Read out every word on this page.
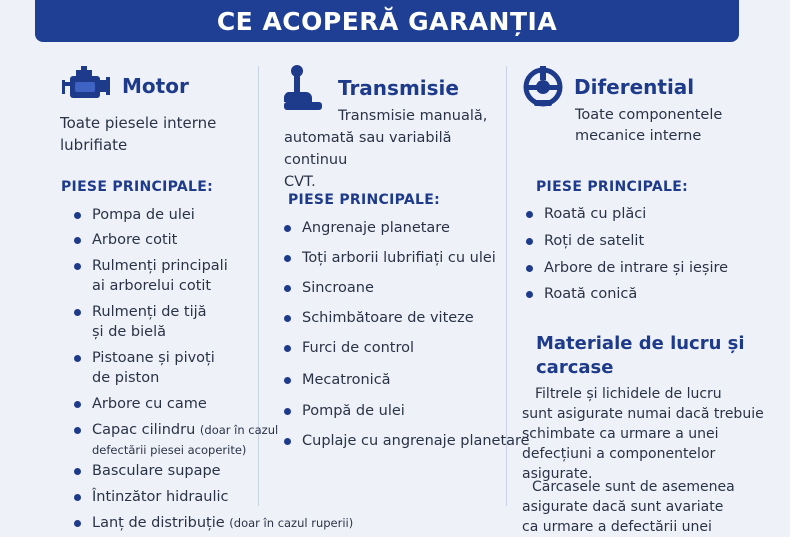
CE ACOPERĂ GARANȚIA
Motor
Toate piesele interne
lubrifiate
PIESE PRINCIPALE:
Pompa de ulei
Arbore cotit
Rulmenți principali
ai arborelui cotit
Rulmenți de tijă
și de bielă
Pistoane și pivoți
de piston
Arbore cu came
Capac cilindru (doar în cazul
defectării piesei acoperite)
Basculare supape
Întinzător hidraulic
Lanț de distribuție (doar în cazul ruperii)
Transmisie
Transmisie manuală,
automată sau variabilă continuu
CVT.
PIESE PRINCIPALE:
Angrenaje planetare
Toți arborii lubrifiați cu ulei
Sincroane
Schimbătoare de viteze
Furci de control
Mecatronică
Pompă de ulei
Cuplaje cu angrenaje planetare
Diferential
Toate componentele
mecanice interne
PIESE PRINCIPALE:
Roată cu plăci
Roți de satelit
Arbore de intrare și ieșire
Roată conică
Materiale de lucru și
carcase
Filtrele și lichidele de lucru
sunt asigurate numai dacă trebuie
schimbate ca urmare a unei
defecțiuni a componentelor asigurate.
Carcasele sunt de asemenea
asigurate dacă sunt avariate
ca urmare a defectării unei
